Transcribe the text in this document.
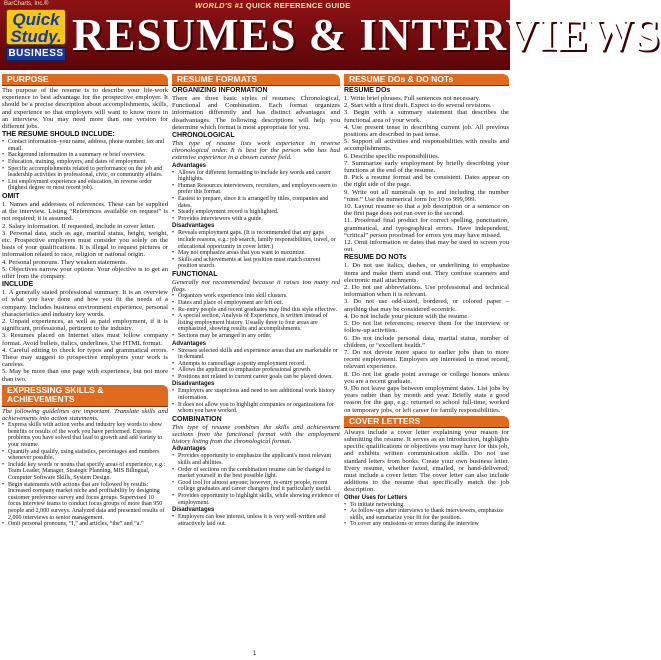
BarCharts, Inc.®	WORLD'S #1 QUICK REFERENCE GUIDE
Quick Study.
BUSINESS RESUMES & INTERVIEWS
PURPOSE

The purpose of the resume is to describe your life-work experience to best advantage for the prospective employer. It should be a precise description about accomplishments, skills, and experience so that employers will want to know more in an interview. You may need more than one version for different jobs.

THE RESUME SHOULD INCLUDE:
• Contact information–your name, address, phone number, fax and email.
• Background information in a summary or brief overview.
• Education, training, employers, and dates of employment.
• Specific accomplishments related to performance on the job and leadership activities in professional, civic, or community affairs.
• List employment experience and education, in reverse order (highest degree or most recent job).
OMIT
1. Names and addresses of references. These can be supplied at the interview. Listing “References available on request” is not required; it is assumed.
2. Salary information. If requested, include in cover letter.
3. Personal data, such as age, marital status, height, weight, etc. Prospective employers must consider you solely on the basis of your qualifications. It is illegal to request pictures or information related to race, religion or national origin.
4. Personal pronouns. They weaken statements.
5. Objectives narrow your options. Your objective is to get an offer from the company.
INCLUDE
1. A generally stated professional summary. It is an overview of what you have done and how you fit the needs of a company. Includes business environment experience, personal characteristics and industry key words.
2. Unpaid experiences, as well as paid employment, if it is significant, professional, pertinent to the industry.
3. Resumes placed on Internet sites must follow company format. Avoid bullets, italics, underlines. Use HTML format.
4. Careful editing to check for typos and grammatical errors. These may suggest to prospective employers your work is careless.
5. May be more than one page with experience, but not more than two.
EXPRESSING SKILLS &
ACHIEVEMENTS

The following guidelines are important. Translate skills and achievements into action statements.

• Express skills with action verbs and industry key words to show benefits or results of the work you have performed. Express problems you have solved that lead to growth and add variety to your resume.
• Quantify and qualify, using statistics, percentages and numbers whenever possible.
• Include key words or nouns that specify areas of experience, e.g.: Team Leader, Manager, Strategic Planning, MIS Bilingual, Computer Software Skills, System Design.
• Begin statements with actions that are followed by results: Increased company market niche and profitability by designing customer preference survey and focus groups. Supervised 10 focus interview teams to conduct focus groups of more than 950 people and 2,000 surveys. Analyzed data and presented results of 2,000 interviews to senior management.
• Omit personal pronouns, “I,” and articles, “the” and “a.”
RESUME FORMATS
ORGANIZING INFORMATION

There are three basic styles of resumes: Chronological, Functional and Combination. Each format organizes information differently and has distinct advantages and disadvantages. The following descriptions will help you determine which format is most appropriate for you.

CHRONOLOGICAL

This type of resume lists work experience in reverse chronological order. It is best for the person who has had extensive experience in a chosen career field.

Advantages
• Allows for different formatting to include key words and career highlights.
• Human Resources interviewers, recruiters, and employers seem to prefer this format.
• Easiest to prepare, since it is arranged by titles, companies and dates.
• Steady employment record is highlighted.
• Provides interviewers with a guide.
Disadvantages
• Reveals employment gaps. (It is recommended that any gaps include reasons, e.g.: job search, family responsibilities, travel, or educational opportunity in cover letter.)
• May not emphasize areas that you want to maximize.
• Skills and achievements at last position must match current position search.
FUNCTIONAL

Generally not recommended because it raises too many red flags.

• Organizes work experience into skill clusters.
• Dates and place of employment are left out.
• Re-entry people and recent graduates may find this style effective.
• A special section, Analysis of Experience, is written instead of listing employment history. Usually three to four areas are emphasized, showing results and accomplishments.
• Sections may be arranged in any order.
Advantages
• Stresses selected skills and experience areas that are marketable or in demand.
• Attempts to camouflage a spotty employment record.
• Allows the applicant to emphasize professional growth.
• Positions not related to current career goals can be played down.
Disadvantages
• Employers are suspicious and need to see additional work history information.
• It does not allow you to highlight companies or organizations for whom you have worked.
COMBINATION

This type of resume combines the skills and achievement sections from the functional format with the employment history listing from the chronological format.

Advantages
• Provides opportunity to emphasize the applicant's most relevant skills and abilities.
• Order of sections on the combination resume can be changed to market yourself in the best possible light.
• Good tool for almost anyone; however, re-entry people, recent college graduates and career changers find it particularly useful.
• Provides opportunity to highlight skills, while showing evidence of employment.
Disadvantages
• Employers can lose interest, unless it is very well-written and attractively laid out.
RESUME DOs & DO NOTs
RESUME DOs
1. Write brief phrases. Full sentences not necessary.
2. Start with a first draft. Expect to do several revisions.
3. Begin with a summary statement that describes the functional area of your work.
4. Use present tense in describing current job. All previous positions are described in past tense.
5. Support all activities and responsibilities with results and accomplishments.
6. Describe specific responsibilities.
7. Summarize early employment by briefly describing your functions at the end of the resume.
8. Pick a resume format and be consistent. Dates appear on the right side of the page.
9. Write out all numerals up to and including the number “nine.” Use the numerical form for 10 to 999,999.
10. Layout resume so that a job description or a sentence on the first page does not run over to the second.
11. Proofread final product for correct spelling, punctuation, grammatical, and typographical errors. Have independent, “critical” person proofread for errors you may have missed.
12. Omit information or dates that may be used to screen you out.
RESUME DO NOTs
1. Do not use italics, dashes, or underlining to emphasize items and make them stand out. They confuse scanners and electronic mail attachments.
2. Do not use abbreviations. Use professional and technical information when it is relevant.
3. Do not use odd-sized, bordered, or colored paper – anything that may be considered eccentric.
4. Do not include your picture with the resume.
5. Do not list references; reserve them for the interview or follow-up activities.
6. Do not include personal data, marital status, number of children, or “excellent health.”
7. Do not devote more space to earlier jobs than to more recent employment. Employers are interested in most recent, relevant experience.
8. Do not list grade point average or college honors unless you are a recent graduate.
9. Do not leave gaps between employment dates. List jobs by years rather than by month and year. Briefly state a good reason for the gap, e.g.: returned to school full-time, worked on temporary jobs, or left career for family responsibilities.
COVER LETTERS

Always include a cover letter explaining your reason for submitting the resume. It serves as an introduction, highlights specific qualifications or objectives you may have for this job, and exhibits written communication skills. Do not use standard letters from books. Create your own business letter. Every resume, whether faxed, emailed, or hand-delivered, must include a cover letter. The cover letter can also include additions to the resume that specifically match the job description.

Other Uses for Letters
• To initiate networking.
• As follow-ups after interviews to thank interviewers, emphasize skills, and summarize your fit for the position.
• To cover any omissions or errors during the interview
1
